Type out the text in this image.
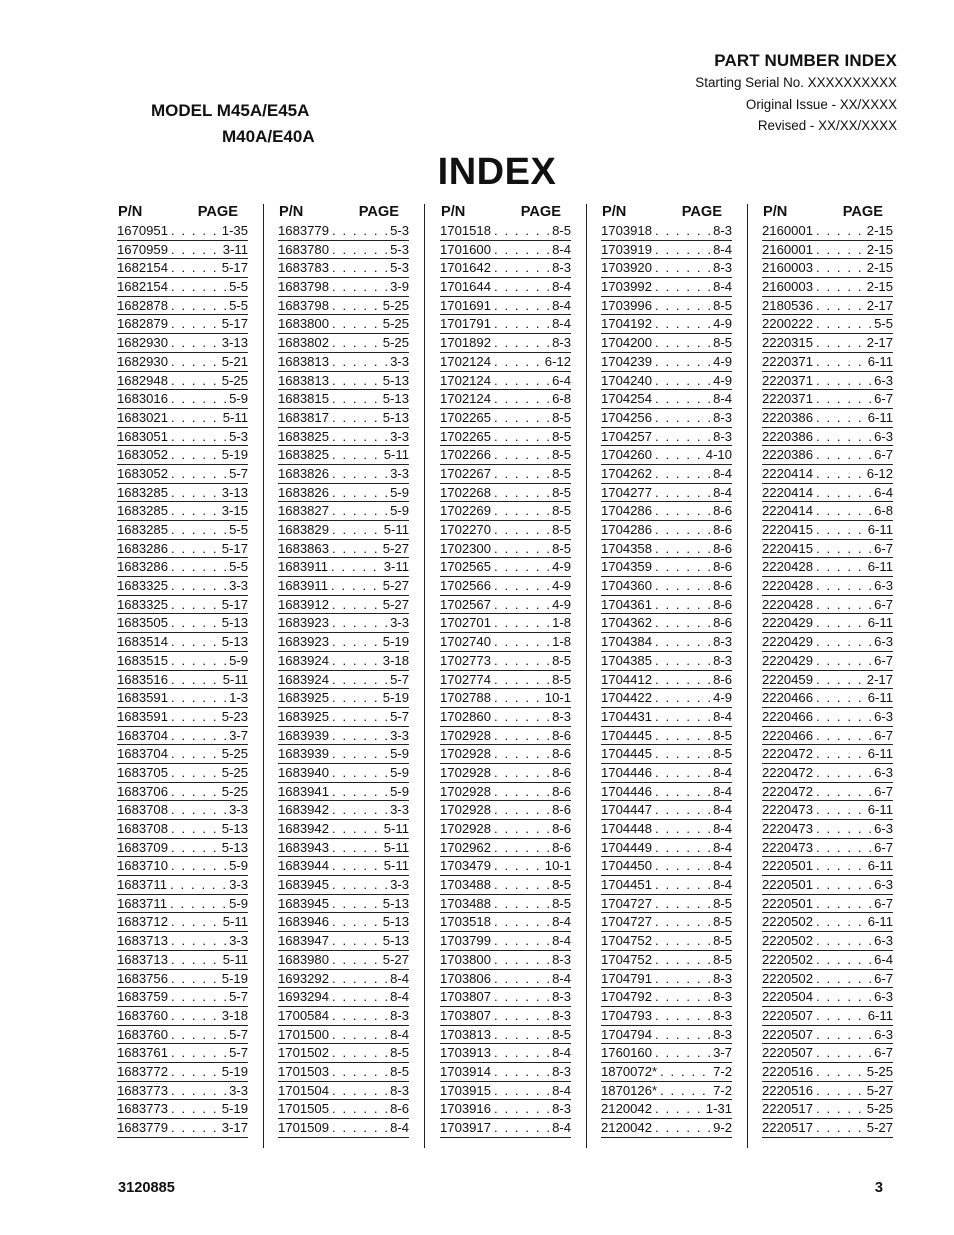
PART NUMBER INDEX
Starting Serial No. XXXXXXXXXX
Original Issue - XX/XXXX
Revised - XX/XX/XXXX
MODEL M45A/E45A
M40A/E40A
INDEX
P/N	PAGE
1670951 . . .	1-35
1670959 . . .	3-11
1682154 . . .	5-17
1682154 . . .	5-5
1682878 . . .	5-5
1682879 . . .	5-17
1682930 . . .	3-13
1682930 . . .	5-21
1682948 . . .	5-25
1683016 . . .	5-9
1683021 . . .	5-11
1683051 . . .	5-3
1683052 . . .	5-19
1683052 . . .	5-7
1683285 . . .	3-13
1683285 . . .	3-15
1683285 . . .	5-5
1683286 . . .	5-17
1683286 . . .	5-5
1683325 . . .	3-3
1683325 . . .	5-17
1683505 . . .	5-13
1683514 . . .	5-13
1683515 . . .	5-9
1683516 . . .	5-11
1683591 . . .	1-3
1683591 . . .	5-23
1683704 . . .	3-7
1683704 . . .	5-25
1683705 . . .	5-25
1683706 . . .	5-25
1683708 . . .	3-3
1683708 . . .	5-13
1683709 . . .	5-13
1683710 . . .	5-9
1683711 . . .	3-3
1683711 . . .	5-9
1683712 . . .	5-11
1683713 . . .	3-3
1683713 . . .	5-11
1683756 . . .	5-19
1683759 . . .	5-7
1683760 . . .	3-18
1683760 . . .	5-7
1683761 . . .	5-7
1683772 . . .	5-19
1683773 . . .	3-3
1683773 . . .	5-19
1683779 . . .	3-17
P/N	PAGE
1683779 . . .	5-3
1683780 . . .	5-3
1683783 . . .	5-3
1683798 . . .	3-9
1683798 . . .	5-25
1683800 . . .	5-25
1683802 . . .	5-25
1683813 . . .	3-3
1683813 . . .	5-13
1683815 . . .	5-13
1683817 . . .	5-13
1683825 . . .	3-3
1683825 . . .	5-11
1683826 . . .	3-3
1683826 . . .	5-9
1683827 . . .	5-9
1683829 . . .	5-11
1683863 . . .	5-27
1683911 . . .	3-11
1683911 . . .	5-27
1683912 . . .	5-27
1683923 . . .	3-3
1683923 . . .	5-19
1683924 . . .	3-18
1683924 . . .	5-7
1683925 . . .	5-19
1683925 . . .	5-7
1683939 . . .	3-3
1683939 . . .	5-9
1683940 . . .	5-9
1683941 . . .	5-9
1683942 . . .	3-3
1683942 . . .	5-11
1683943 . . .	5-11
1683944 . . .	5-11
1683945 . . .	3-3
1683945 . . .	5-13
1683946 . . .	5-13
1683947 . . .	5-13
1683980 . . .	5-27
1693292 . . .	8-4
1693294 . . .	8-4
1700584 . . .	8-3
1701500 . . .	8-4
1701502 . . .	8-5
1701503 . . .	8-5
1701504 . . .	8-3
1701505 . . .	8-6
1701509 . . .	8-4
P/N	PAGE
1701518 . . .	8-5
1701600 . . .	8-4
1701642 . . .	8-3
1701644 . . .	8-4
1701691 . . .	8-4
1701791 . . .	8-4
1701892 . . .	8-3
1702124 . . .	6-12
1702124 . . .	6-4
1702124 . . .	6-8
1702265 . . .	8-5
1702265 . . .	8-5
1702266 . . .	8-5
1702267 . . .	8-5
1702268 . . .	8-5
1702269 . . .	8-5
1702270 . . .	8-5
1702300 . . .	8-5
1702565 . . .	4-9
1702566 . . .	4-9
1702567 . . .	4-9
1702701 . . .	1-8
1702740 . . .	1-8
1702773 . . .	8-5
1702774 . . .	8-5
1702788 . . .	10-1
1702860 . . .	8-3
1702928 . . .	8-6
1702928 . . .	8-6
1702928 . . .	8-6
1702928 . . .	8-6
1702928 . . .	8-6
1702928 . . .	8-6
1702962 . . .	8-6
1703479 . . .	10-1
1703488 . . .	8-5
1703488 . . .	8-5
1703518 . . .	8-4
1703799 . . .	8-4
1703800 . . .	8-3
1703806 . . .	8-4
1703807 . . .	8-3
1703807 . . .	8-3
1703813 . . .	8-5
1703913 . . .	8-4
1703914 . . .	8-3
1703915 . . .	8-4
1703916 . . .	8-3
1703917 . . .	8-4
P/N	PAGE
1703918 . . .	8-3
1703919 . . .	8-4
1703920 . . .	8-3
1703992 . . .	8-4
1703996 . . .	8-5
1704192 . . .	4-9
1704200 . . .	8-5
1704239 . . .	4-9
1704240 . . .	4-9
1704254 . . .	8-4
1704256 . . .	8-3
1704257 . . .	8-3
1704260 . . .	4-10
1704262 . . .	8-4
1704277 . . .	8-4
1704286 . . .	8-6
1704286 . . .	8-6
1704358 . . .	8-6
1704359 . . .	8-6
1704360 . . .	8-6
1704361 . . .	8-6
1704362 . . .	8-6
1704384 . . .	8-3
1704385 . . .	8-3
1704412 . . .	8-6
1704422 . . .	4-9
1704431 . . .	8-4
1704445 . . .	8-5
1704445 . . .	8-5
1704446 . . .	8-4
1704446 . . .	8-4
1704447 . . .	8-4
1704448 . . .	8-4
1704449 . . .	8-4
1704450 . . .	8-4
1704451 . . .	8-4
1704727 . . .	8-5
1704727 . . .	8-5
1704752 . . .	8-5
1704752 . . .	8-5
1704791 . . .	8-3
1704792 . . .	8-3
1704793 . . .	8-3
1704794 . . .	8-3
1760160 . . .	3-7
1870072* . . .	7-2
1870126* . . .	7-2
2120042 . . .	1-31
2120042 . . .	9-2
P/N	PAGE
2160001 . . .	2-15
2160001 . . .	2-15
2160003 . . .	2-15
2160003 . . .	2-15
2180536 . . .	2-17
2200222 . . .	5-5
2220315 . . .	2-17
2220371 . . .	6-11
2220371 . . .	6-3
2220371 . . .	6-7
2220386 . . .	6-11
2220386 . . .	6-3
2220386 . . .	6-7
2220414 . . .	6-12
2220414 . . .	6-4
2220414 . . .	6-8
2220415 . . .	6-11
2220415 . . .	6-7
2220428 . . .	6-11
2220428 . . .	6-3
2220428 . . .	6-7
2220429 . . .	6-11
2220429 . . .	6-3
2220429 . . .	6-7
2220459 . . .	2-17
2220466 . . .	6-11
2220466 . . .	6-3
2220466 . . .	6-7
2220472 . . .	6-11
2220472 . . .	6-3
2220472 . . .	6-7
2220473 . . .	6-11
2220473 . . .	6-3
2220473 . . .	6-7
2220501 . . .	6-11
2220501 . . .	6-3
2220501 . . .	6-7
2220502 . . .	6-11
2220502 . . .	6-3
2220502 . . .	6-4
2220502 . . .	6-7
2220504 . . .	6-3
2220507 . . .	6-11
2220507 . . .	6-3
2220507 . . .	6-7
2220516 . . .	5-25
2220516 . . .	5-27
2220517 . . .	5-25
2220517 . . .	5-27
3120885	3
